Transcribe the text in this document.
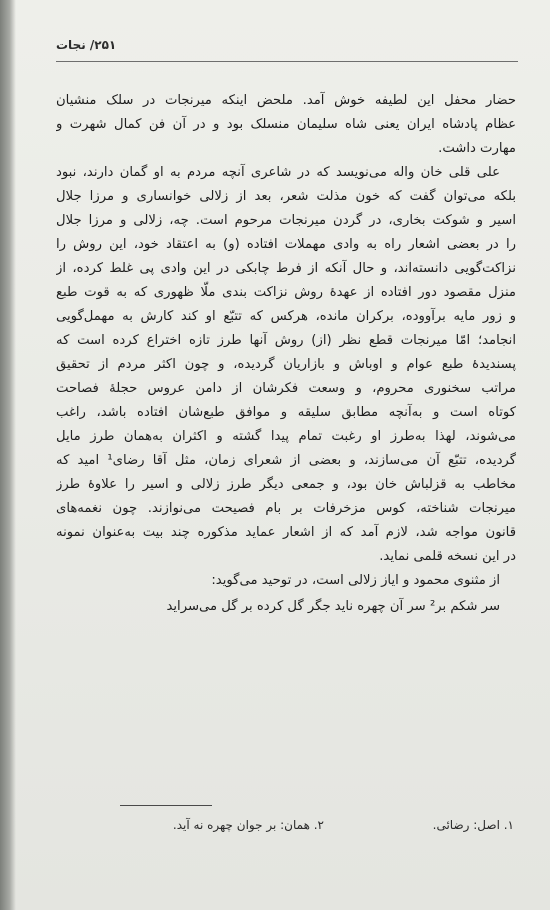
۲۵۱/ نجات
حضار محفل این لطیفه خوش آمد. ملحض اینکه میرنجات در سلک منشیان
عظام پادشاه ایران یعنی شاه سلیمان منسلک بود و در آن فن کمال شهرت و
مهارت داشت.
علی قلی خان واله می‌نویسد که در شاعری آنچه مردم به او گمان دارند، نبود
بلکه می‌توان گفت که خون مذلت شعر، بعد از زلالی خوانساری و مرزا جلال
اسیر و شوکت بخاری، در گردن میرنجات مرحوم است. چه، زلالی و مرزا جلال
را در بعضی اشعار راه به وادی مهملات افتاده (و) به اعتقاد خود، این روش را
نزاکت‌گویی دانسته‌اند، و حال آنکه از فرط چابکی در این وادی پی غلط کرده، از
منزل مقصود دور افتاده از عهدهٔ روش نزاکت بندی ملّا ظهوری که به قوت طبع
و زور مایه برآووده، برکران مانده، هرکس که تتبّع او کند کارش به مهمل‌گویی
انجامد؛ امّا میرنجات قطع نظر (از) روش آنها طرز تازه اختراع کرده است که
پسندیدهٔ طبع عوام و اوباش و بازاریان گردیده، و چون اکثر مردم از تحقیق
مراتب سخنوری محروم، و وسعت فکرشان از دامن عروس حجلهٔ فصاحت
کوتاه است و به‌آنچه مطابق سلیقه و موافق طبع‌شان افتاده باشد، راغب
می‌شوند، لهذا به‌طرز او رغبت تمام پیدا گشته و اکثران به‌همان طرز مایل
گردیده، تتبّع آن می‌سازند، و بعضی از شعرای زمان، مثل آقا رضای¹ امید که
مخاطب به قزلباش خان بود، و جمعی دیگر طرز زلالی و اسیر را علاوهٔ طرز
میرنجات شناخته، کوس مزخرفات بر بام فصیحت می‌نوازند. چون نغمه‌های
قانون مواجه شد، لازم آمد که از اشعار عماید مذکوره چند بیت به‌عنوان نمونه
در این نسخه قلمی نماید.
از مثنوی محمود و ایاز زلالی است، در توحید می‌گوید:
سر شکم بر² سر آن چهره ناید جگر گل کرده بر گل می‌سراید
۱. اصل: رضائی.
۲. همان: بر جوان چهره نه آید.
